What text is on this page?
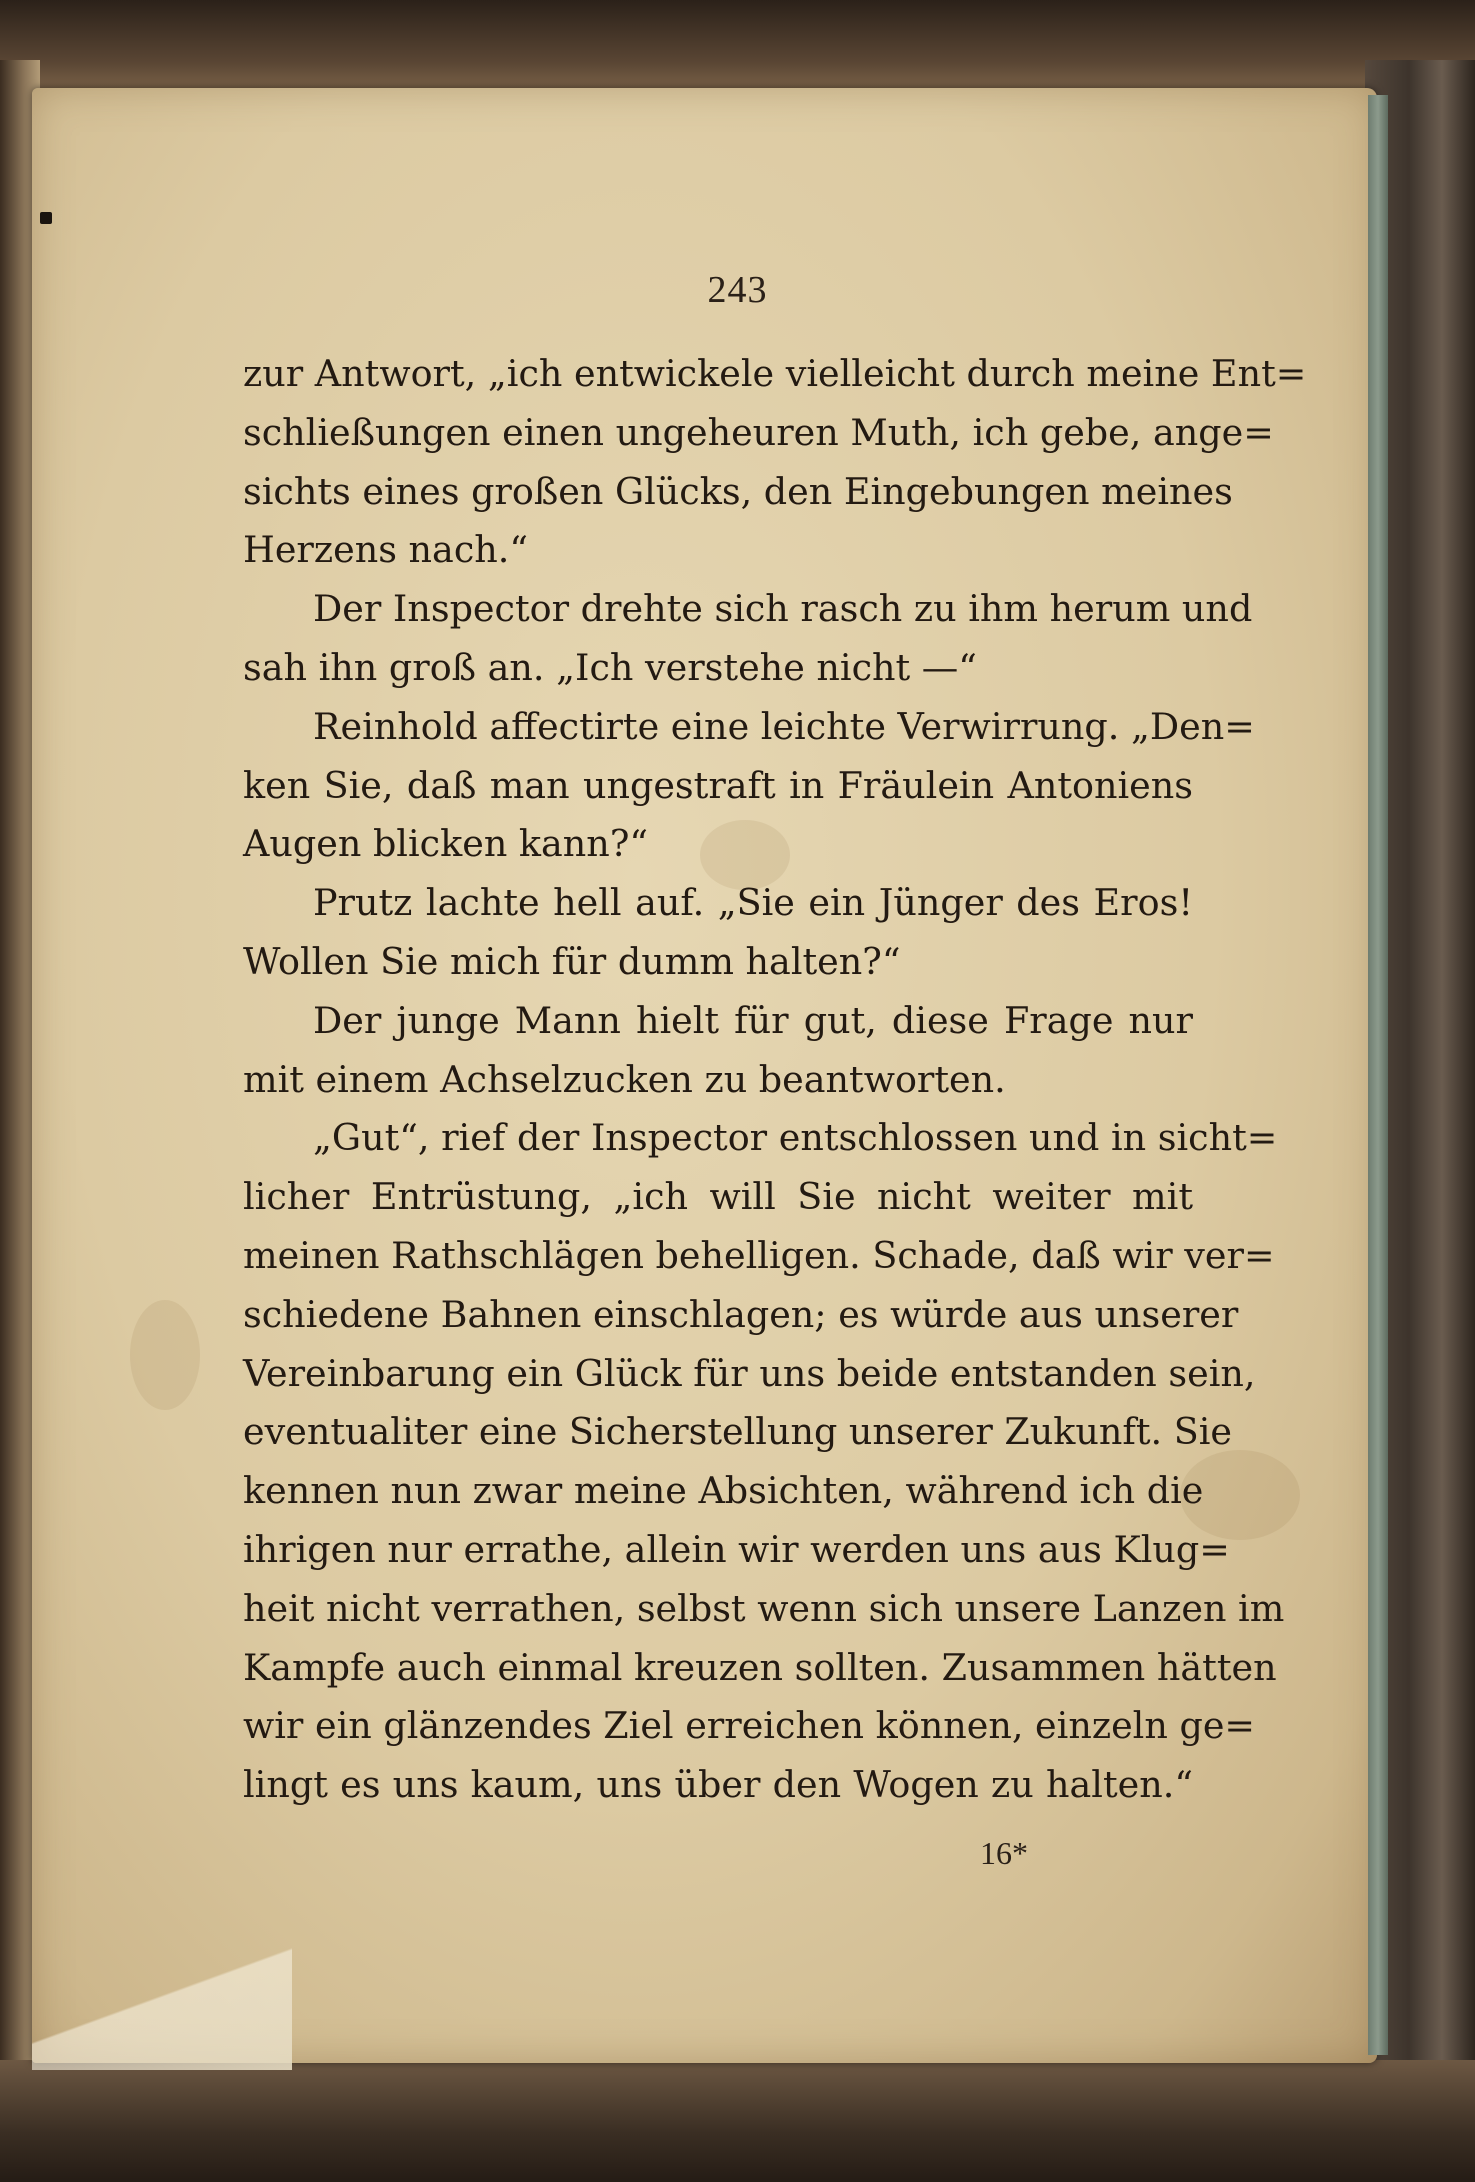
243
zur Antwort, „ich entwickele vielleicht durch meine Ent=
schließungen einen ungeheuren Muth, ich gebe, ange=
sichts eines großen Glücks, den Eingebungen meines
Herzens nach.“
Der Inspector drehte sich rasch zu ihm herum und
sah ihn groß an. „Ich verstehe nicht —“
Reinhold affectirte eine leichte Verwirrung. „Den=
ken Sie, daß man ungestraft in Fräulein Antoniens
Augen blicken kann?“
Prutz lachte hell auf. „Sie ein Jünger des Eros!
Wollen Sie mich für dumm halten?“
Der junge Mann hielt für gut, diese Frage nur
mit einem Achselzucken zu beantworten.
„Gut“, rief der Inspector entschlossen und in sicht=
licher Entrüstung, „ich will Sie nicht weiter mit
meinen Rathschlägen behelligen. Schade, daß wir ver=
schiedene Bahnen einschlagen; es würde aus unserer
Vereinbarung ein Glück für uns beide entstanden sein,
eventualiter eine Sicherstellung unserer Zukunft. Sie
kennen nun zwar meine Absichten, während ich die
ihrigen nur errathe, allein wir werden uns aus Klug=
heit nicht verrathen, selbst wenn sich unsere Lanzen im
Kampfe auch einmal kreuzen sollten. Zusammen hätten
wir ein glänzendes Ziel erreichen können, einzeln ge=
lingt es uns kaum, uns über den Wogen zu halten.“
16*
